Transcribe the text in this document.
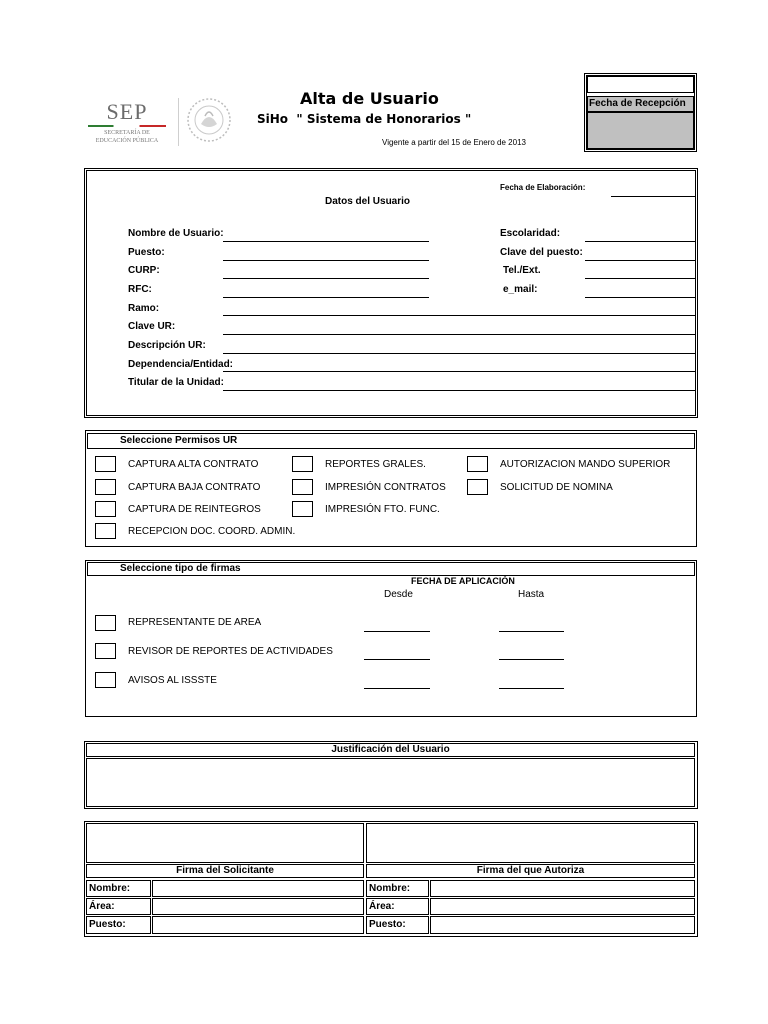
SEP
SECRETARÍA DE
EDUCACIÓN PÚBLICA
Alta de Usuario
SiHo  " Sistema de Honorarios "
Vigente a partir del 15 de Enero de 2013
Fecha de Recepción
Fecha de Elaboración:
Datos del Usuario
Nombre de Usuario:
Puesto:
CURP:
RFC:
Ramo:
Clave UR:
Descripción UR:
Dependencia/Entidad:
Titular de la Unidad:
Escolaridad:
Clave del puesto:
Tel./Ext.
e_mail:
Seleccione Permisos UR
CAPTURA ALTA CONTRATO
CAPTURA BAJA CONTRATO
CAPTURA DE REINTEGROS
RECEPCION DOC. COORD. ADMIN.
REPORTES GRALES.
IMPRESIÓN CONTRATOS
IMPRESIÓN FTO. FUNC.
AUTORIZACION MANDO SUPERIOR
SOLICITUD DE NOMINA
Seleccione tipo de firmas
FECHA DE APLICACIÓN
Desde	Hasta
REPRESENTANTE DE AREA
REVISOR DE REPORTES DE ACTIVIDADES
AVISOS AL ISSSTE
Justificación del Usuario
Firma del Solicitante	Firma del que Autoriza
Nombre:
Área:
Puesto:
Nombre:
Área:
Puesto:
